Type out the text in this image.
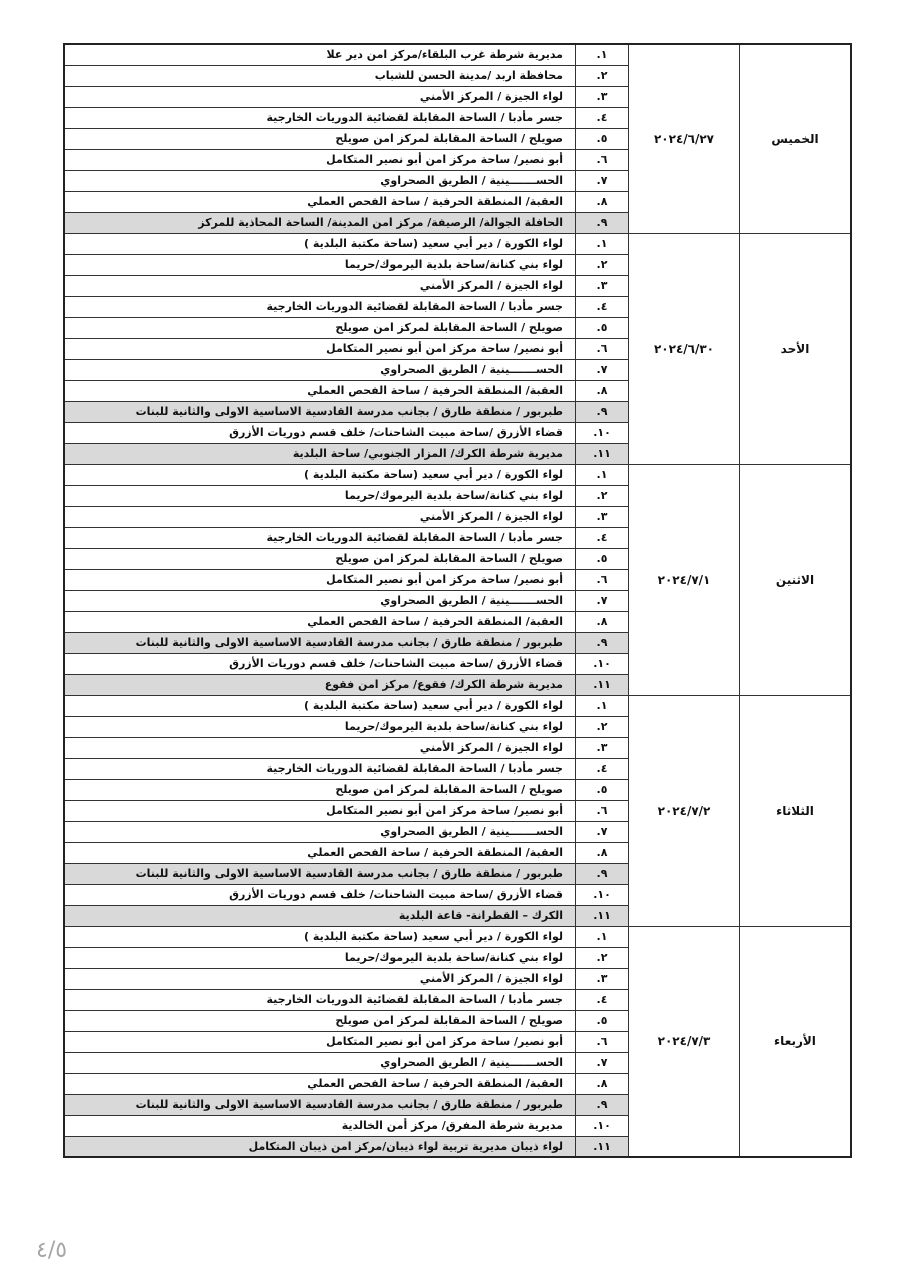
الخميس	٢٠٢٤/٦/٢٧	١.	مديرية شرطة غرب البلقاء/مركز امن دير علا
		٢.	محافظة اربد /مدينة الحسن للشباب
		٣.	لواء الجيزة / المركز الأمني
		٤.	جسر مأدبا / الساحة المقابلة لقضائية الدوريات الخارجية
		٥.	صويلح / الساحة المقابلة لمركز امن صويلح
		٦.	أبو نصير/ ساحة مركز امن أبو نصير المتكامل
		٧.	الحســـــــينية / الطريق الصحراوي
		٨.	العقبة/ المنطقة الحرفية / ساحة الفحص العملي
		٩.	الحافلة الجوالة/ الرصيفة/ مركز امن المدينة/ الساحة المحاذية للمركز
الأحد	٢٠٢٤/٦/٣٠	١.	لواء الكورة / دير أبي سعيد (ساحة مكتبة البلدية )
		٢.	لواء بني كنانة/ساحة بلدية اليرموك/حريما
		٣.	لواء الجيزة / المركز الأمني
		٤.	جسر مأدبا / الساحة المقابلة لقضائية الدوريات الخارجية
		٥.	صويلح / الساحة المقابلة لمركز امن صويلح
		٦.	أبو نصير/ ساحة مركز امن أبو نصير المتكامل
		٧.	الحســـــــينية / الطريق الصحراوي
		٨.	العقبة/ المنطقة الحرفية / ساحة الفحص العملي
		٩.	طبربور / منطقة طارق / بجانب مدرسة القادسية الاساسية الاولى والثانية للبنات
		١٠.	قضاء الأزرق /ساحة مبيت الشاحنات/ خلف قسم دوريات الأزرق
		١١.	مديرية شرطة الكرك/ المزار الجنوبي/ ساحة البلدية
الاثنين	٢٠٢٤/٧/١	١.	لواء الكورة / دير أبي سعيد (ساحة مكتبة البلدية )
		٢.	لواء بني كنانة/ساحة بلدية اليرموك/حريما
		٣.	لواء الجيزة / المركز الأمني
		٤.	جسر مأدبا / الساحة المقابلة لقضائية الدوريات الخارجية
		٥.	صويلح / الساحة المقابلة لمركز امن صويلح
		٦.	أبو نصير/ ساحة مركز امن أبو نصير المتكامل
		٧.	الحســـــــينية / الطريق الصحراوي
		٨.	العقبة/ المنطقة الحرفية / ساحة الفحص العملي
		٩.	طبربور / منطقة طارق / بجانب مدرسة القادسية الاساسية الاولى والثانية للبنات
		١٠.	قضاء الأزرق /ساحة مبيت الشاحنات/ خلف قسم دوريات الأزرق
		١١.	مديرية شرطة الكرك/ فقوع/ مركز امن فقوع
الثلاثاء	٢٠٢٤/٧/٢	١.	لواء الكورة / دير أبي سعيد (ساحة مكتبة البلدية )
		٢.	لواء بني كنانة/ساحة بلدية اليرموك/حريما
		٣.	لواء الجيزة / المركز الأمني
		٤.	جسر مأدبا / الساحة المقابلة لقضائية الدوريات الخارجية
		٥.	صويلح / الساحة المقابلة لمركز امن صويلح
		٦.	أبو نصير/ ساحة مركز امن أبو نصير المتكامل
		٧.	الحســـــــينية / الطريق الصحراوي
		٨.	العقبة/ المنطقة الحرفية / ساحة الفحص العملي
		٩.	طبربور / منطقة طارق / بجانب مدرسة القادسية الاساسية الاولى والثانية للبنات
		١٠.	قضاء الأزرق /ساحة مبيت الشاحنات/ خلف قسم دوريات الأزرق
		١١.	الكرك – القطرانة- قاعة البلدية
الأربعاء	٢٠٢٤/٧/٣	١.	لواء الكورة / دير أبي سعيد (ساحة مكتبة البلدية )
		٢.	لواء بني كنانة/ساحة بلدية اليرموك/حريما
		٣.	لواء الجيزة / المركز الأمني
		٤.	جسر مأدبا / الساحة المقابلة لقضائية الدوريات الخارجية
		٥.	صويلح / الساحة المقابلة لمركز امن صويلح
		٦.	أبو نصير/ ساحة مركز امن أبو نصير المتكامل
		٧.	الحســـــــينية / الطريق الصحراوي
		٨.	العقبة/ المنطقة الحرفية / ساحة الفحص العملي
		٩.	طبربور / منطقة طارق / بجانب مدرسة القادسية الاساسية الاولى والثانية للبنات
		١٠.	مديرية شرطة المفرق/ مركز أمن الخالدية
		١١.	لواء ذيبان مديرية تربية لواء ذيبان/مركز امن ذيبان المتكامل
٤/٥
